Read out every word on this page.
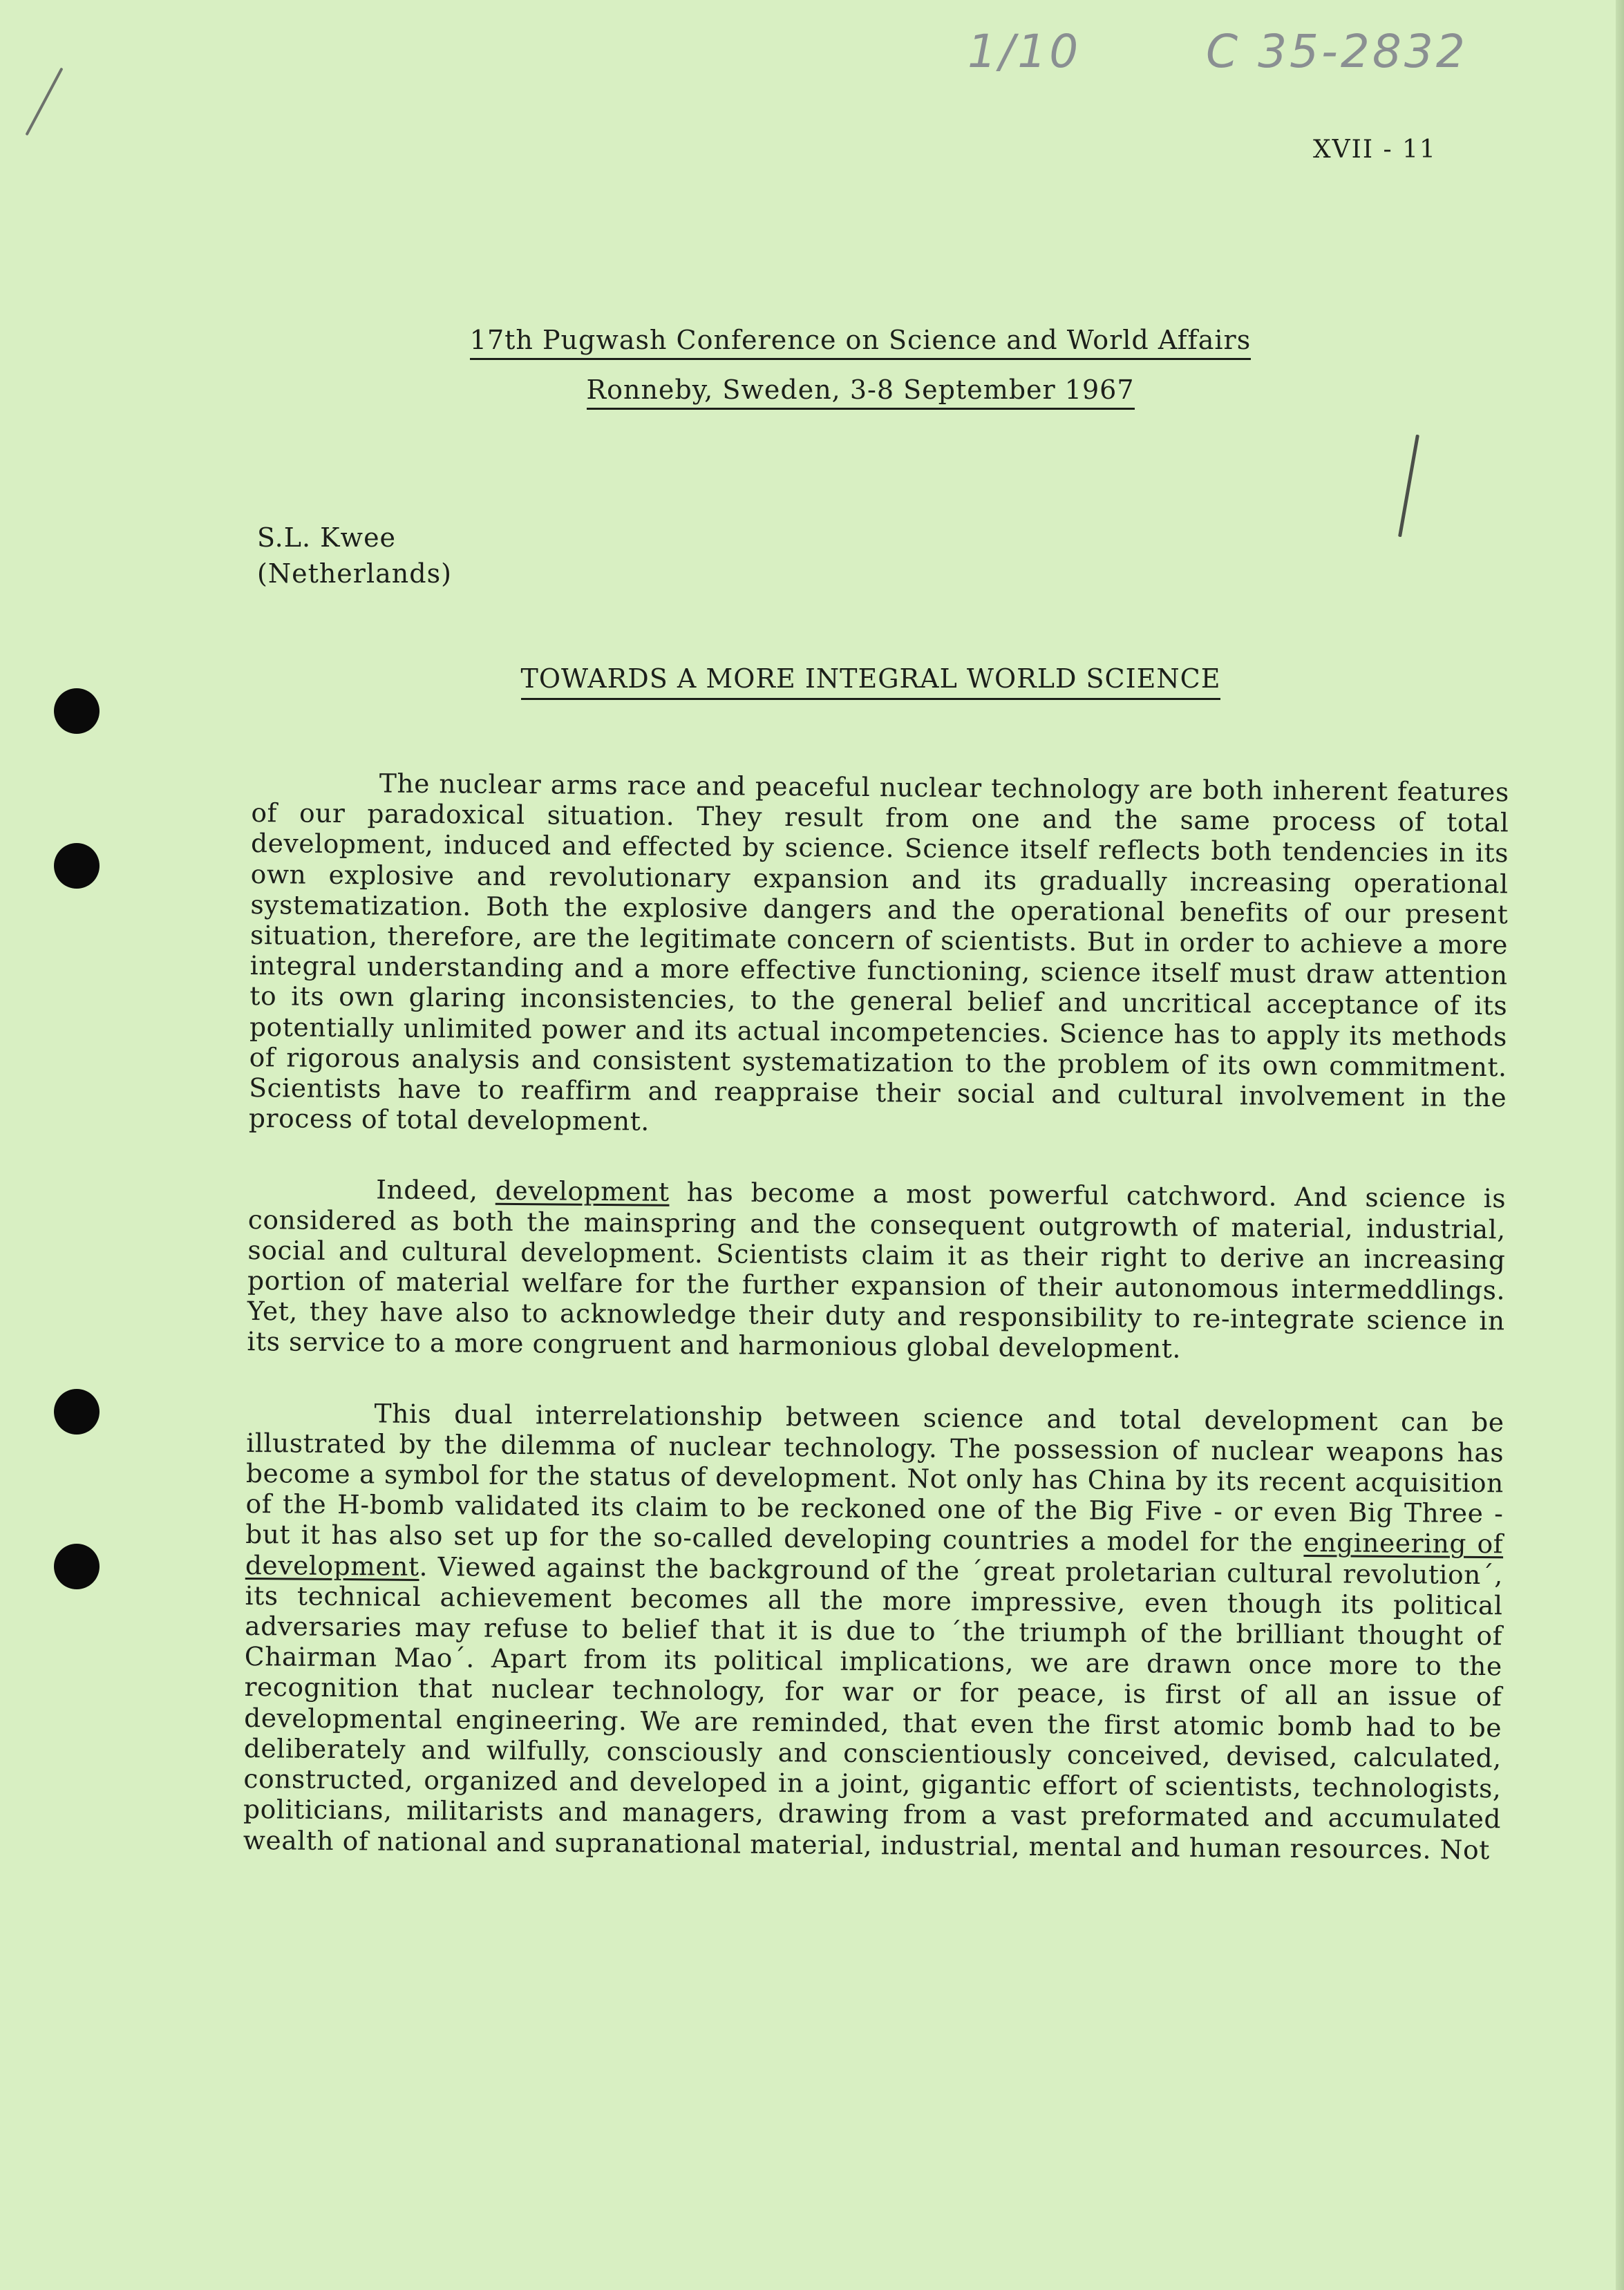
1/10	C 35-2832
XVII - 11
17th Pugwash Conference on Science and World Affairs
Ronneby, Sweden, 3-8 September 1967
S.L. Kwee
(Netherlands)
TOWARDS A MORE INTEGRAL WORLD SCIENCE

The nuclear arms race and peaceful nuclear technology are both inherent features of our paradoxical situation. They result from one and the same process of total development, induced and effected by science. Science itself reflects both tendencies in its own explosive and revolutionary expansion and its gradually increasing operational systematization. Both the explosive dangers and the operational benefits of our present situation, therefore, are the legitimate concern of scientists. But in order to achieve a more integral understanding and a more effective functioning, science itself must draw attention to its own glaring inconsistencies, to the general belief and uncritical acceptance of its potentially unlimited power and its actual incompetencies. Science has to apply its methods of rigorous analysis and consistent systematization to the problem of its own commitment. Scientists have to reaffirm and reappraise their social and cultural involvement in the process of total development.

Indeed, development has become a most powerful catchword. And science is considered as both the mainspring and the consequent outgrowth of material, industrial, social and cultural development. Scientists claim it as their right to derive an increasing portion of material welfare for the further expansion of their autonomous intermeddlings. Yet, they have also to acknowledge their duty and responsibility to re-integrate science in its service to a more congruent and harmonious global development.

This dual interrelationship between science and total development can be illustrated by the dilemma of nuclear technology. The possession of nuclear weapons has become a symbol for the status of development. Not only has China by its recent acquisition of the H-bomb validated its claim to be reckoned one of the Big Five - or even Big Three - but it has also set up for the so-called developing countries a model for the engineering of development. Viewed against the background of the ´great proletarian cultural revolution´, its technical achievement becomes all the more impressive, even though its political adversaries may refuse to belief that it is due to ´the triumph of the brilliant thought of Chairman Mao´. Apart from its political implications, we are drawn once more to the recognition that nuclear technology, for war or for peace, is first of all an issue of developmental engineering. We are reminded, that even the first atomic bomb had to be deliberately and wilfully, consciously and conscientiously conceived, devised, calculated, constructed, organized and developed in a joint, gigantic effort of scientists, technologists, politicians, militarists and managers, drawing from a vast preformated and accumulated wealth of national and supranational material, industrial, mental and human resources. Not
